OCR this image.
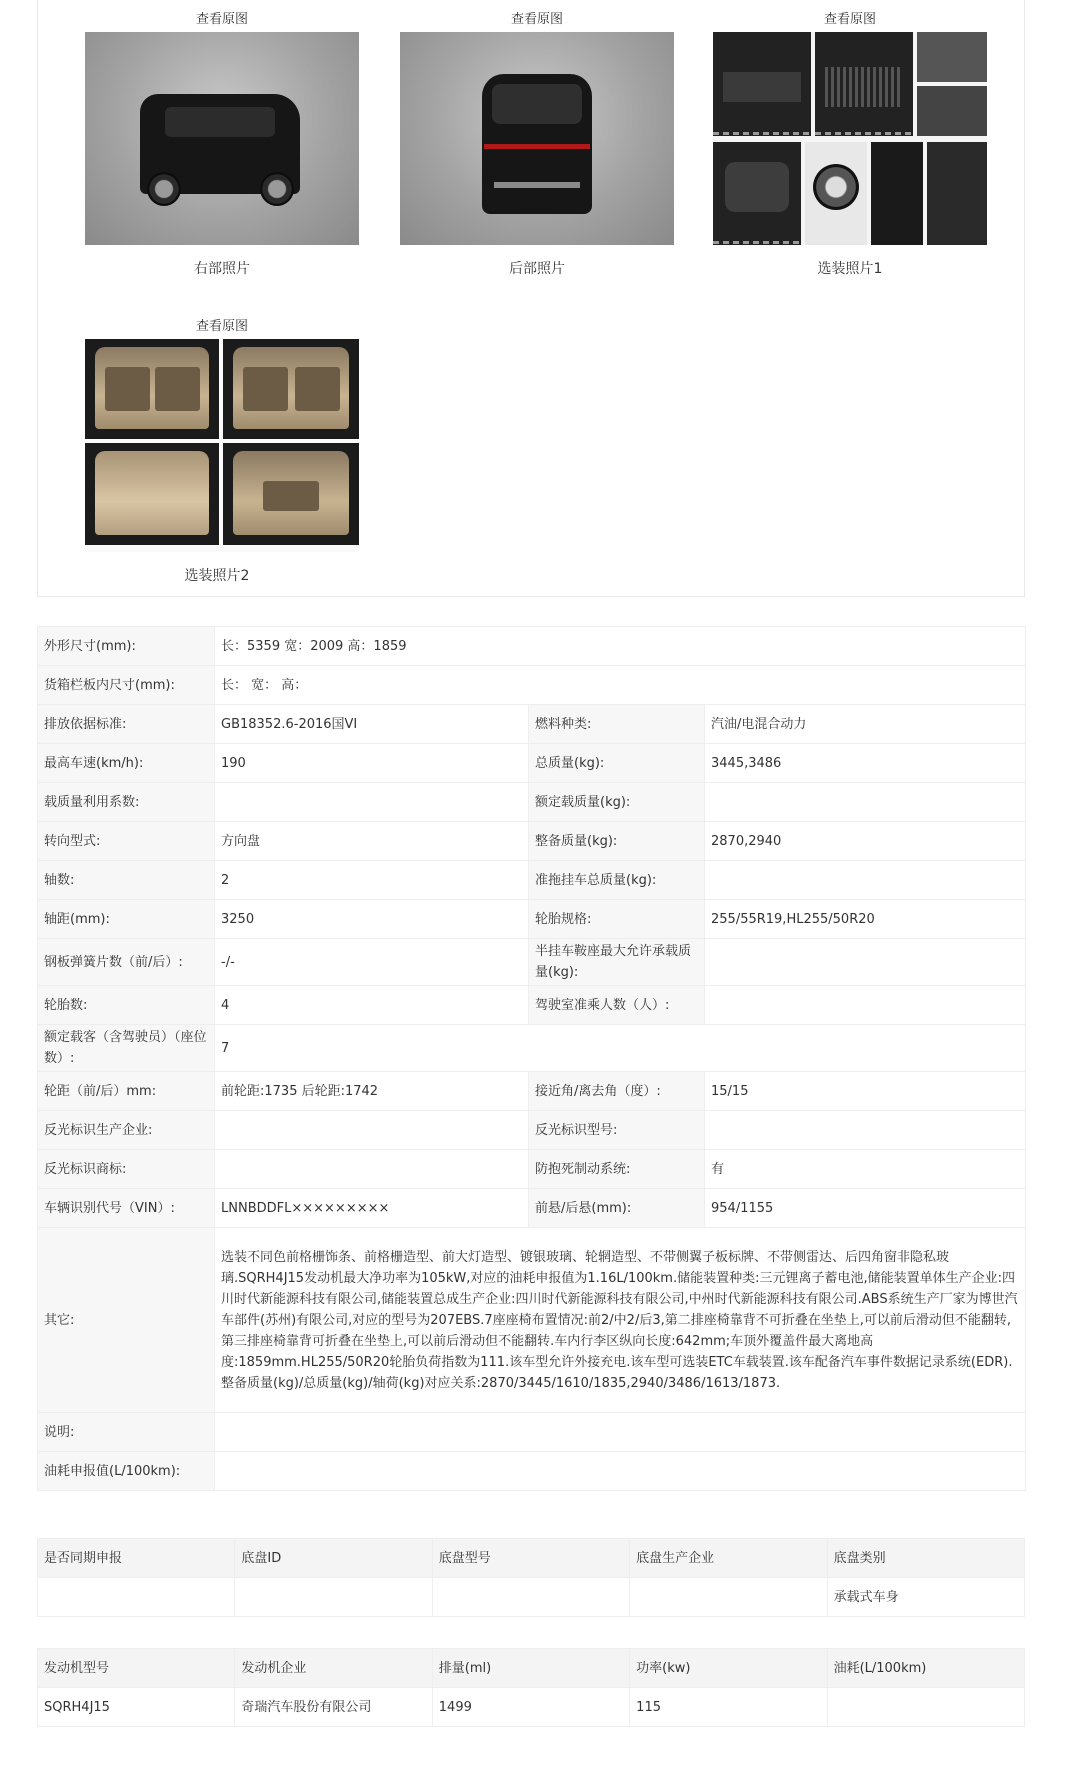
查看原图
右部照片
查看原图
后部照片
查看原图
选装照片1
查看原图
选装照片2
外形尺寸(mm):	长：5359 宽：2009 高：1859		
货箱栏板内尺寸(mm):	长： 宽： 高：		
排放依据标准:	GB18352.6-2016国VI	燃料种类:	汽油/电混合动力
最高车速(km/h):	190	总质量(kg):	3445,3486
载质量利用系数:		额定载质量(kg):	
转向型式:	方向盘	整备质量(kg):	2870,2940
轴数:	2	准拖挂车总质量(kg):	
轴距(mm):	3250	轮胎规格:	255/55R19,HL255/50R20
钢板弹簧片数（前/后）:	-/-	半挂车鞍座最大允许承载质量(kg):	
轮胎数:	4	驾驶室准乘人数（人）:	
额定载客（含驾驶员）（座位数）:	7		
轮距（前/后）mm:	前轮距:1735 后轮距:1742	接近角/离去角（度）:	15/15
反光标识生产企业:		反光标识型号:	
反光标识商标:		防抱死制动系统:	有
车辆识别代号（VIN）:	LNNBDDFL×××××××××	前悬/后悬(mm):	954/1155
其它:	选装不同色前格栅饰条、前格栅造型、前大灯造型、镀银玻璃、轮辋造型、不带侧翼子板标牌、不带侧雷达、后四角窗非隐私玻璃.SQRH4J15发动机最大净功率为105kW,对应的油耗申报值为1.16L/100km.储能装置种类:三元锂离子蓄电池,储能装置单体生产企业:四川时代新能源科技有限公司,储能装置总成生产企业:四川时代新能源科技有限公司,中州时代新能源科技有限公司.ABS系统生产厂家为博世汽车部件(苏州)有限公司,对应的型号为207EBS.7座座椅布置情况:前2/中2/后3,第二排座椅靠背不可折叠在坐垫上,可以前后滑动但不能翻转,第三排座椅靠背可折叠在坐垫上,可以前后滑动但不能翻转.车内行李区纵向长度:642mm;车顶外覆盖件最大离地高度:1859mm.HL255/50R20轮胎负荷指数为111.该车型允许外接充电.该车型可选装ETC车载装置.该车配备汽车事件数据记录系统(EDR).整备质量(kg)/总质量(kg)/轴荷(kg)对应关系:2870/3445/1610/1835,2940/3486/1613/1873.		
说明:			
油耗申报值(L/100km):			
是否同期申报	底盘ID	底盘型号	底盘生产企业	底盘类别
				承载式车身
发动机型号	发动机企业	排量(ml)	功率(kw)	油耗(L/100km)
SQRH4J15	奇瑞汽车股份有限公司	1499	115	
